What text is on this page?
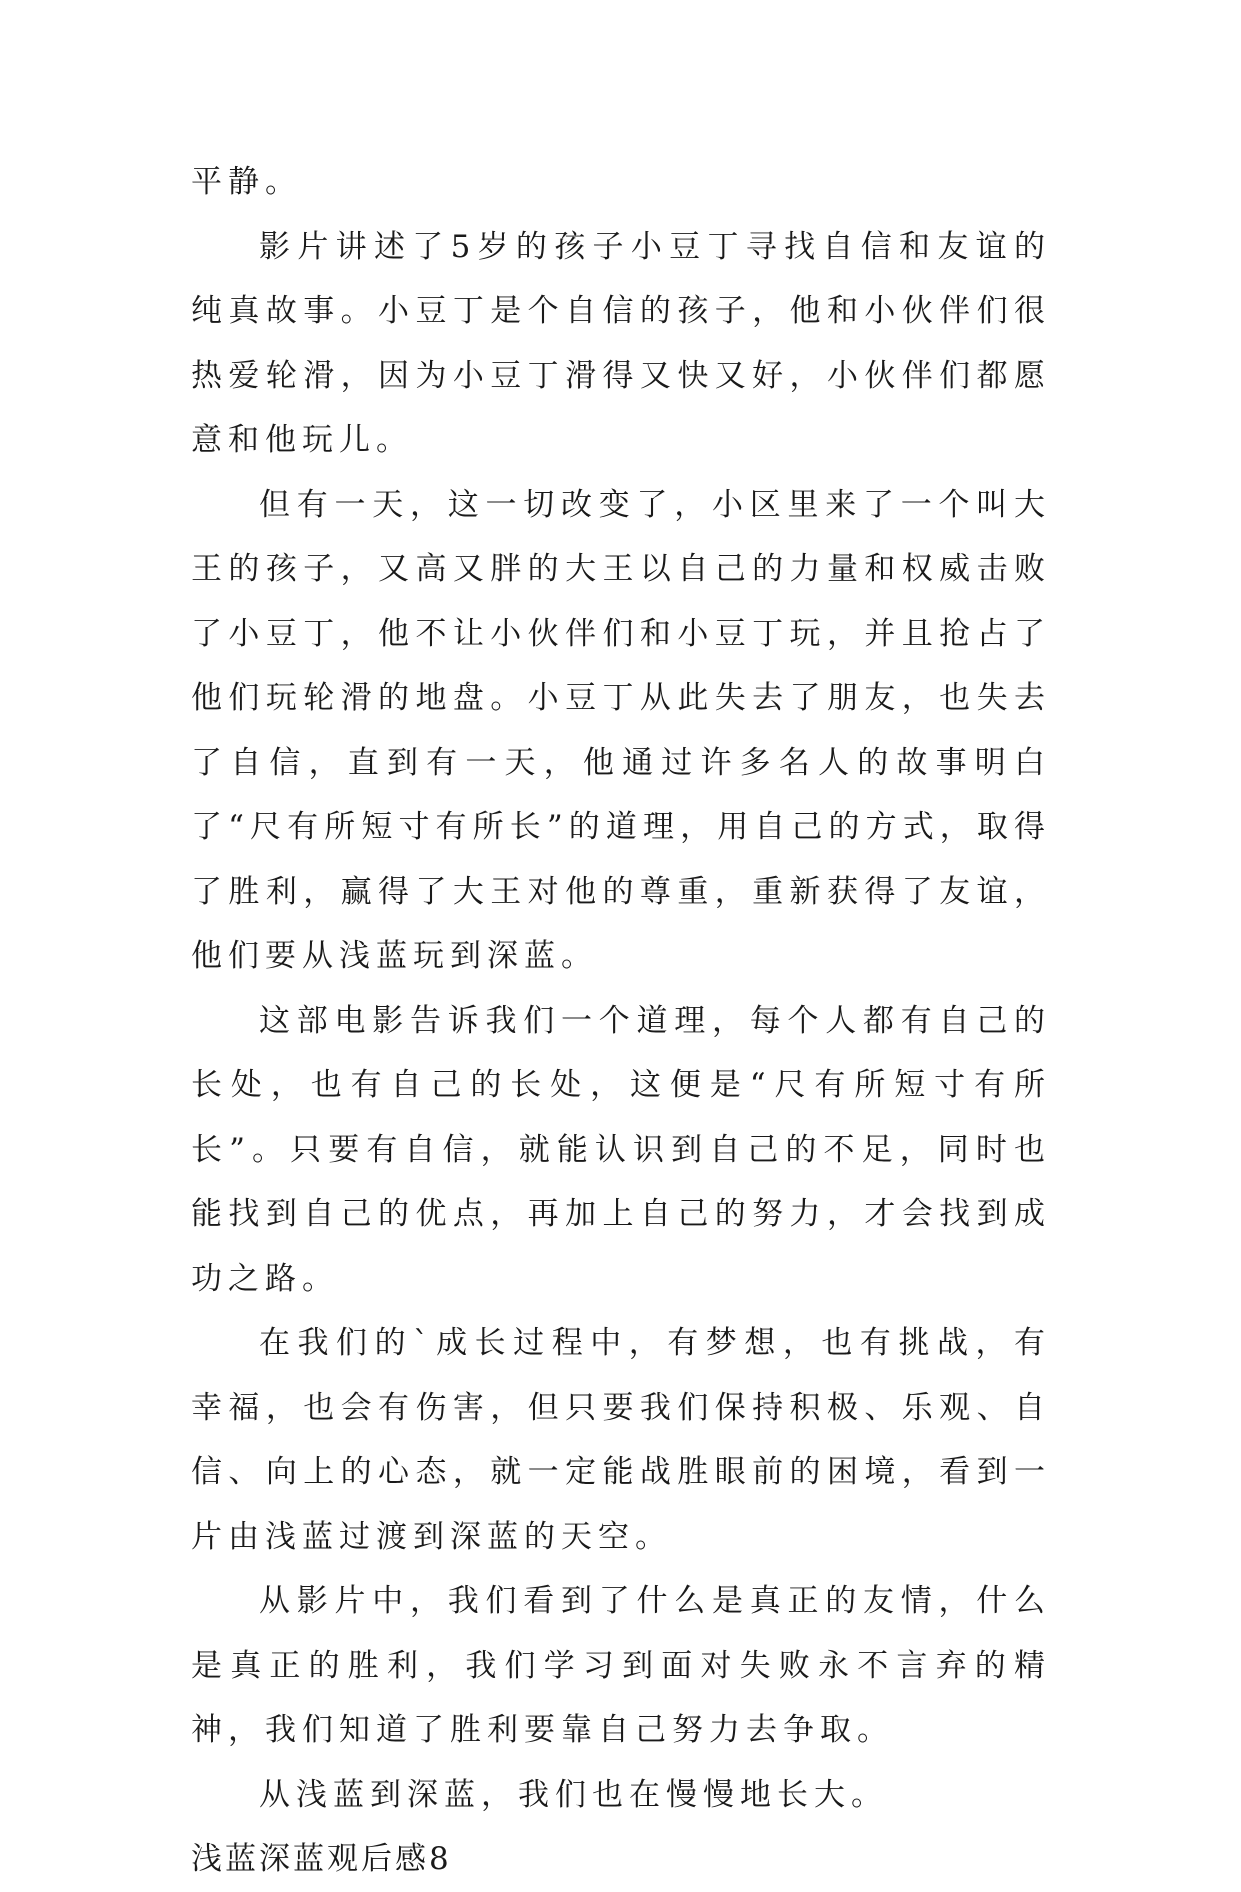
平静。

影片讲述了5岁的孩子小豆丁寻找自信和友谊的纯真故事。小豆丁是个自信的孩子，他和小伙伴们很热爱轮滑，因为小豆丁滑得又快又好，小伙伴们都愿意和他玩儿。

但有一天，这一切改变了，小区里来了一个叫大王的孩子，又高又胖的大王以自己的力量和权威击败了小豆丁，他不让小伙伴们和小豆丁玩，并且抢占了他们玩轮滑的地盘。小豆丁从此失去了朋友，也失去了自信，直到有一天，他通过许多名人的故事明白了“尺有所短寸有所长”的道理，用自己的方式，取得了胜利，赢得了大王对他的尊重，重新获得了友谊，他们要从浅蓝玩到深蓝。

这部电影告诉我们一个道理，每个人都有自己的长处，也有自己的长处，这便是“尺有所短寸有所长”。只要有自信，就能认识到自己的不足，同时也能找到自己的优点，再加上自己的努力，才会找到成功之路。

在我们的`成长过程中，有梦想，也有挑战，有幸福，也会有伤害，但只要我们保持积极、乐观、自信、向上的心态，就一定能战胜眼前的困境，看到一片由浅蓝过渡到深蓝的天空。

从影片中，我们看到了什么是真正的友情，什么是真正的胜利，我们学习到面对失败永不言弃的精神，我们知道了胜利要靠自己努力去争取。

从浅蓝到深蓝，我们也在慢慢地长大。

浅蓝深蓝观后感8
